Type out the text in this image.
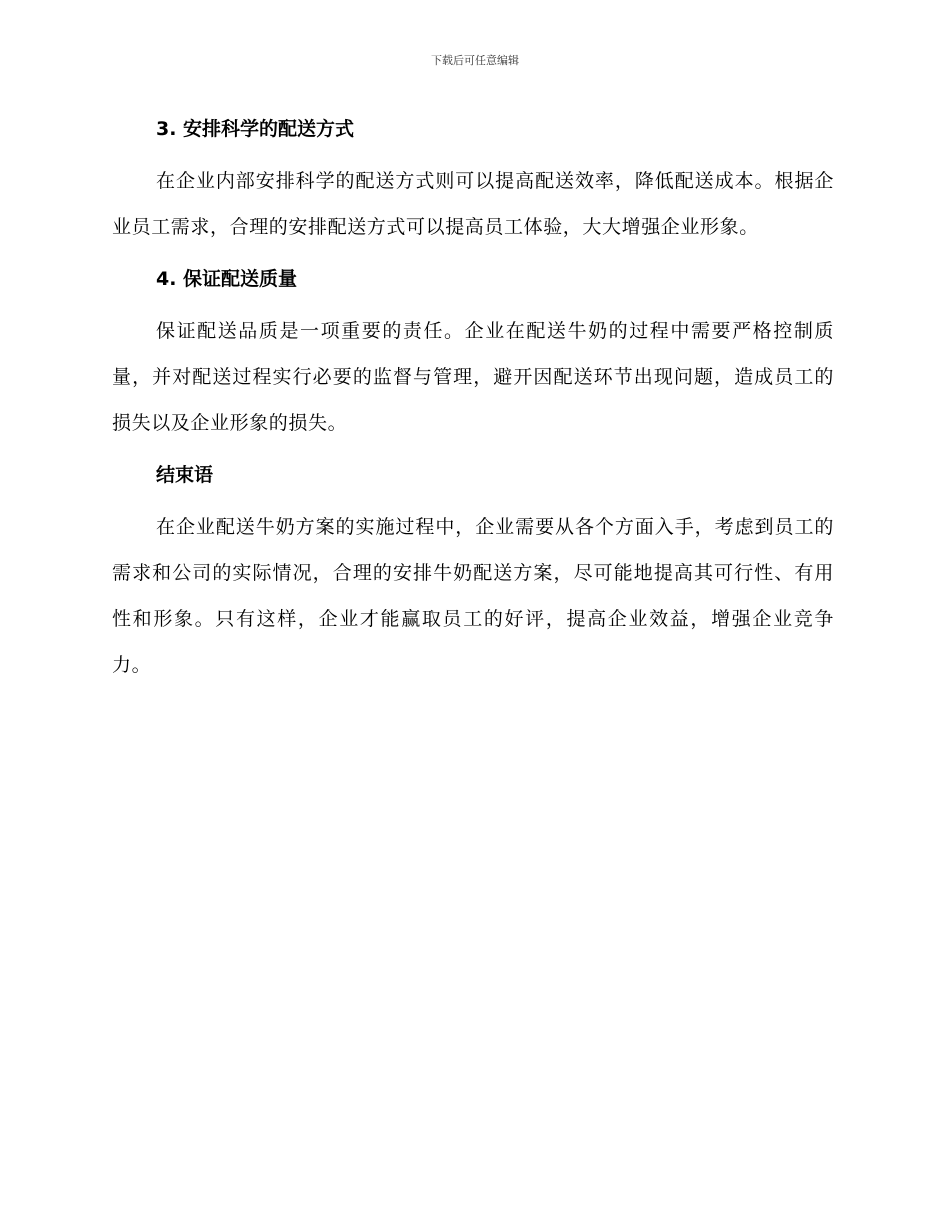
下载后可任意编辑
3. 安排科学的配送方式

在企业内部安排科学的配送方式则可以提高配送效率，降低配送成本。根据企业员工需求，合理的安排配送方式可以提高员工体验，大大增强企业形象。

4. 保证配送质量

保证配送品质是一项重要的责任。企业在配送牛奶的过程中需要严格控制质量，并对配送过程实行必要的监督与管理，避开因配送环节出现问题，造成员工的损失以及企业形象的损失。

结束语

在企业配送牛奶方案的实施过程中，企业需要从各个方面入手，考虑到员工的需求和公司的实际情况，合理的安排牛奶配送方案，尽可能地提高其可行性、有用性和形象。只有这样，企业才能赢取员工的好评，提高企业效益，增强企业竞争力。
